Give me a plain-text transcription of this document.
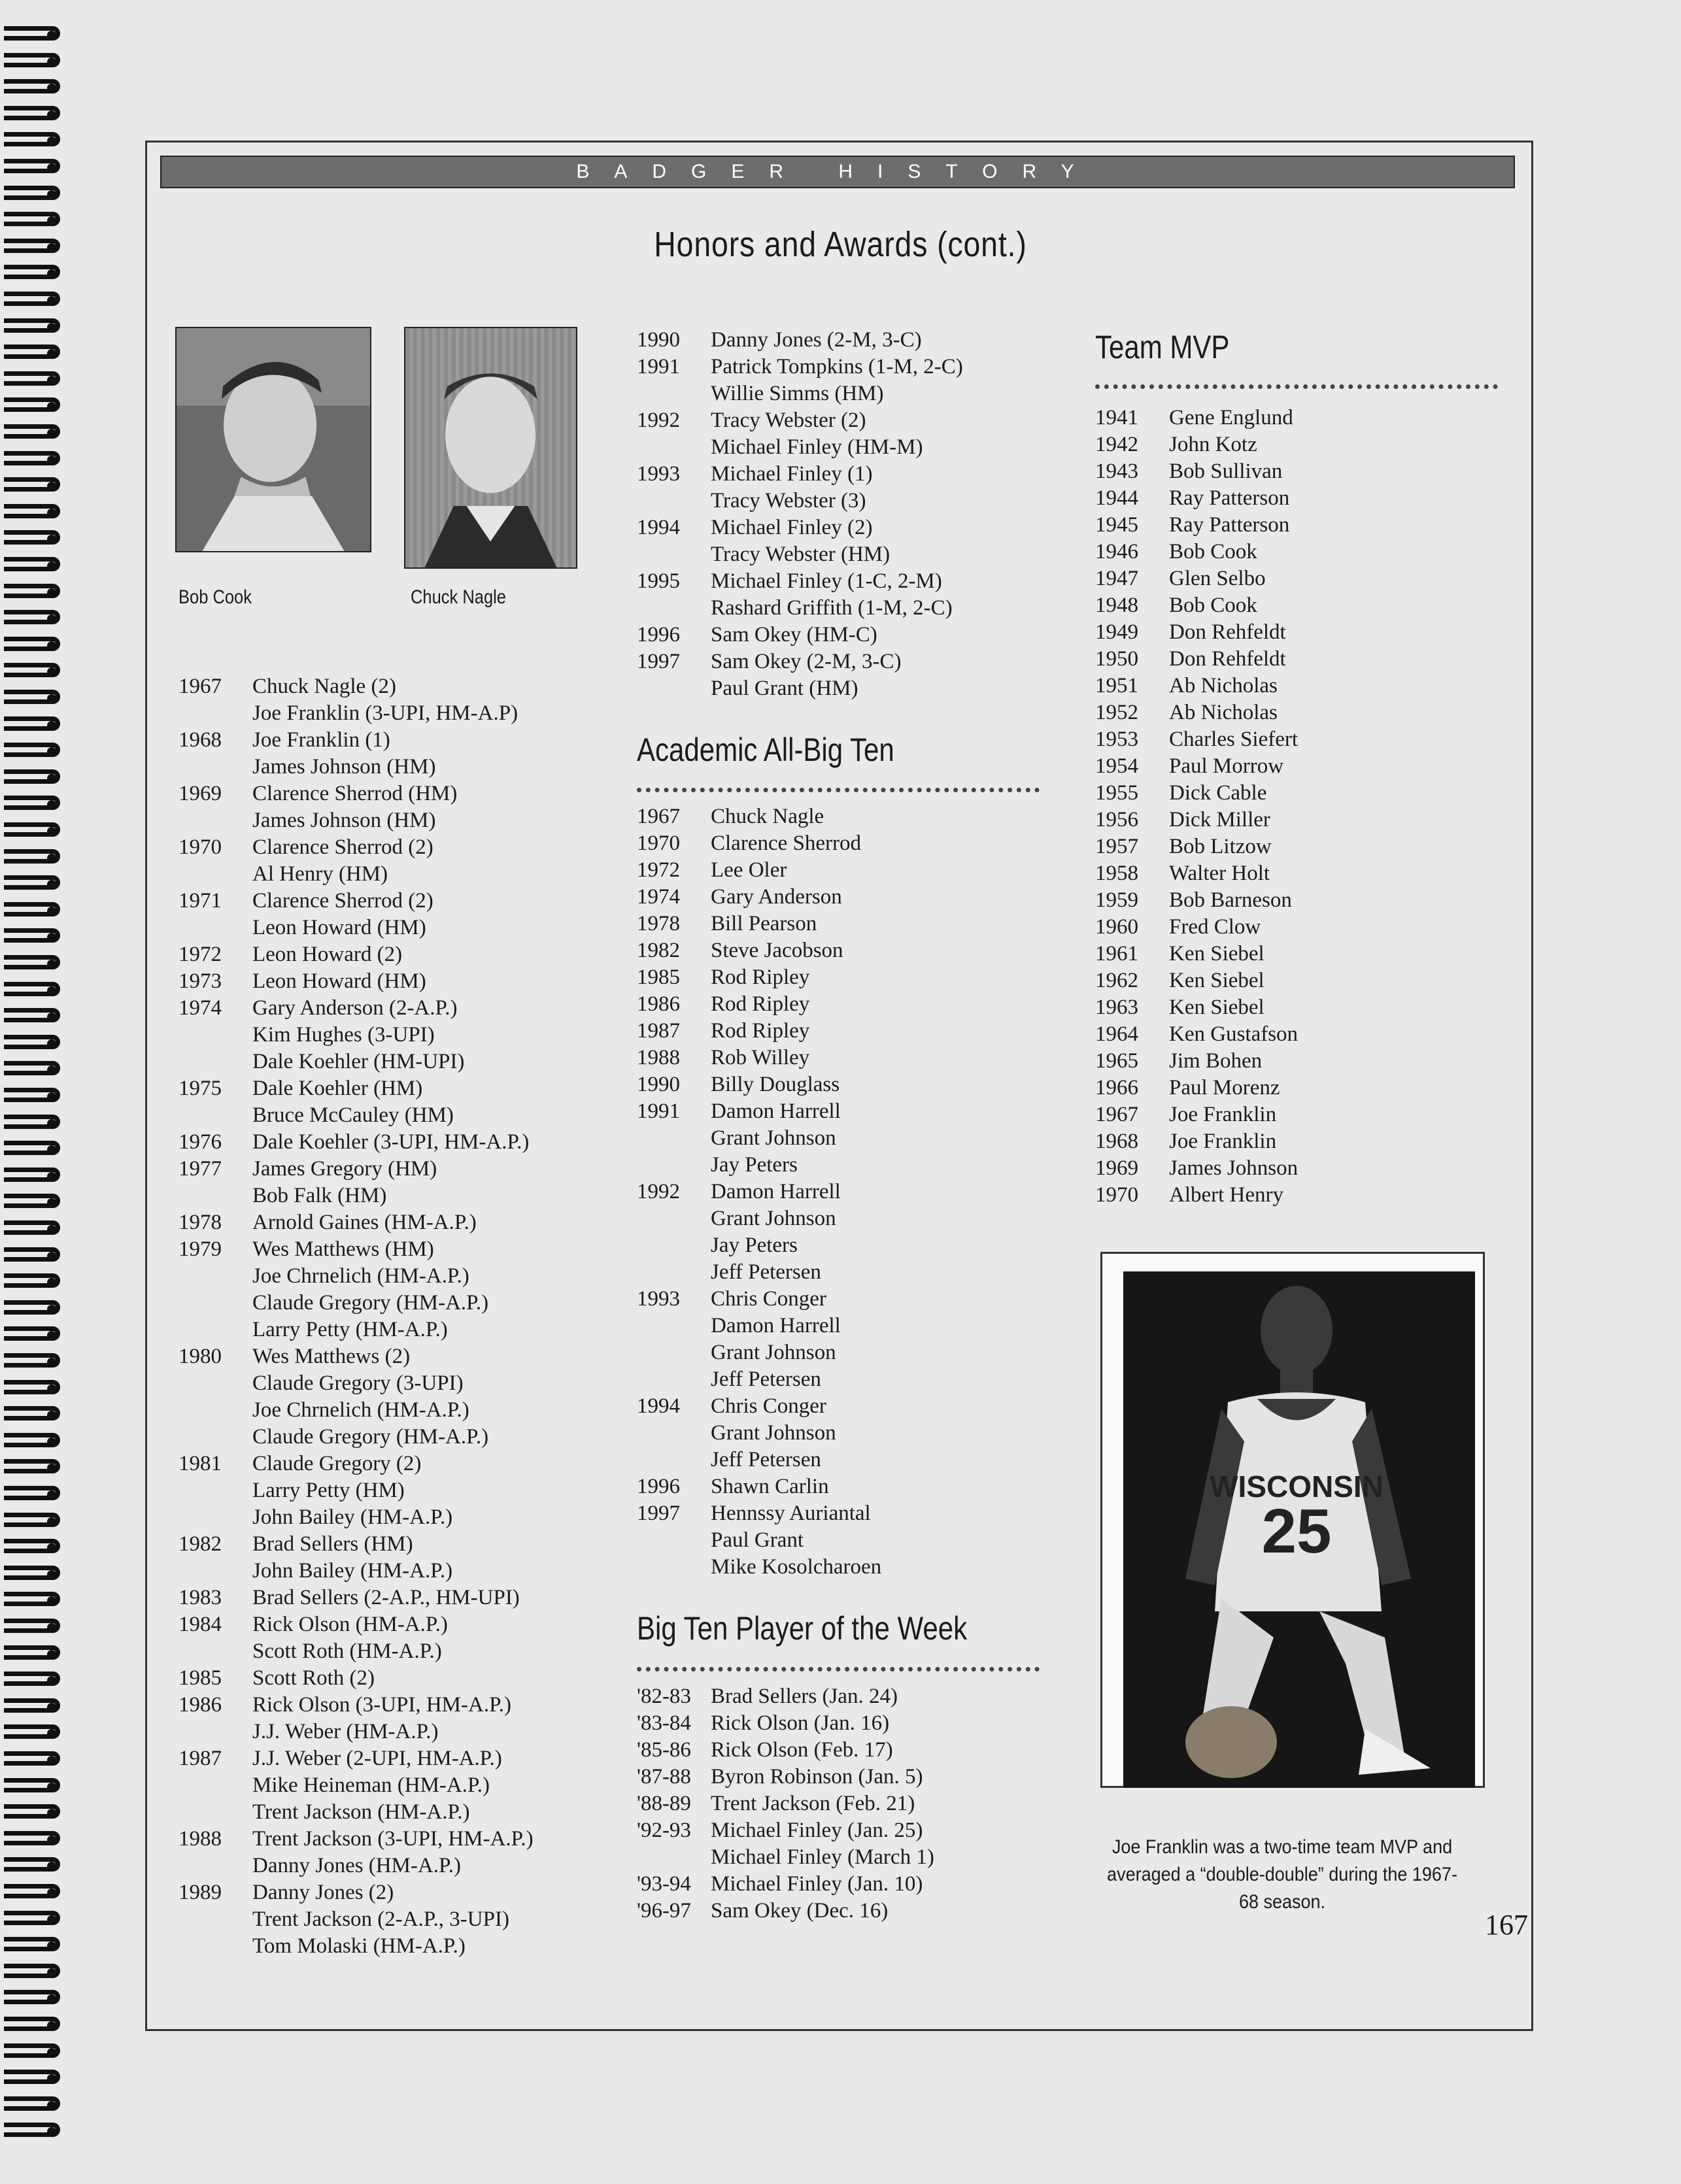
BADGER HISTORY
Honors and Awards (cont.)
Bob Cook	Chuck Nagle
1967	Chuck Nagle (2)
Joe Franklin (3-UPI, HM-A.P)
1968	Joe Franklin (1)
James Johnson (HM)
1969	Clarence Sherrod (HM)
James Johnson (HM)
1970	Clarence Sherrod (2)
Al Henry (HM)
1971	Clarence Sherrod (2)
Leon Howard (HM)
1972	Leon Howard (2)
1973	Leon Howard (HM)
1974	Gary Anderson (2-A.P.)
Kim Hughes (3-UPI)
Dale Koehler (HM-UPI)
1975	Dale Koehler (HM)
Bruce McCauley (HM)
1976	Dale Koehler (3-UPI, HM-A.P.)
1977	James Gregory (HM)
Bob Falk (HM)
1978	Arnold Gaines (HM-A.P.)
1979	Wes Matthews (HM)
Joe Chrnelich (HM-A.P.)
Claude Gregory (HM-A.P.)
Larry Petty (HM-A.P.)
1980	Wes Matthews (2)
Claude Gregory (3-UPI)
Joe Chrnelich (HM-A.P.)
Claude Gregory (HM-A.P.)
1981	Claude Gregory (2)
Larry Petty (HM)
John Bailey (HM-A.P.)
1982	Brad Sellers (HM)
John Bailey (HM-A.P.)
1983	Brad Sellers (2-A.P., HM-UPI)
1984	Rick Olson (HM-A.P.)
Scott Roth (HM-A.P.)
1985	Scott Roth (2)
1986	Rick Olson (3-UPI, HM-A.P.)
J.J. Weber (HM-A.P.)
1987	J.J. Weber (2-UPI, HM-A.P.)
Mike Heineman (HM-A.P.)
Trent Jackson (HM-A.P.)
1988	Trent Jackson (3-UPI, HM-A.P.)
Danny Jones (HM-A.P.)
1989	Danny Jones (2)
Trent Jackson (2-A.P., 3-UPI)
Tom Molaski (HM-A.P.)
1990	Danny Jones (2-M, 3-C)
1991	Patrick Tompkins (1-M, 2-C)
Willie Simms (HM)
1992	Tracy Webster (2)
Michael Finley (HM-M)
1993	Michael Finley (1)
Tracy Webster (3)
1994	Michael Finley (2)
Tracy Webster (HM)
1995	Michael Finley (1-C, 2-M)
Rashard Griffith (1-M, 2-C)
1996	Sam Okey (HM-C)
1997	Sam Okey (2-M, 3-C)
Paul Grant (HM)
Academic All-Big Ten
1967	Chuck Nagle
1970	Clarence Sherrod
1972	Lee Oler
1974	Gary Anderson
1978	Bill Pearson
1982	Steve Jacobson
1985	Rod Ripley
1986	Rod Ripley
1987	Rod Ripley
1988	Rob Willey
1990	Billy Douglass
1991	Damon Harrell
Grant Johnson
Jay Peters
1992	Damon Harrell
Grant Johnson
Jay Peters
Jeff Petersen
1993	Chris Conger
Damon Harrell
Grant Johnson
Jeff Petersen
1994	Chris Conger
Grant Johnson
Jeff Petersen
1996	Shawn Carlin
1997	Hennssy Auriantal
Paul Grant
Mike Kosolcharoen
Big Ten Player of the Week
'82-83 Brad Sellers (Jan. 24)
'83-84 Rick Olson (Jan. 16)
'85-86 Rick Olson (Feb. 17)
'87-88 Byron Robinson (Jan. 5)
'88-89 Trent Jackson (Feb. 21)
'92-93 Michael Finley (Jan. 25)
Michael Finley (March 1)
'93-94 Michael Finley (Jan. 10)
'96-97 Sam Okey (Dec. 16)
Team MVP
1941	Gene Englund
1942	John Kotz
1943	Bob Sullivan
1944	Ray Patterson
1945	Ray Patterson
1946	Bob Cook
1947	Glen Selbo
1948	Bob Cook
1949	Don Rehfeldt
1950	Don Rehfeldt
1951	Ab Nicholas
1952	Ab Nicholas
1953	Charles Siefert
1954	Paul Morrow
1955	Dick Cable
1956	Dick Miller
1957	Bob Litzow
1958	Walter Holt
1959	Bob Barneson
1960	Fred Clow
1961	Ken Siebel
1962	Ken Siebel
1963	Ken Siebel
1964	Ken Gustafson
1965	Jim Bohen
1966	Paul Morenz
1967	Joe Franklin
1968	Joe Franklin
1969	James Johnson
1970	Albert Henry
WISCONSIN
25
Joe Franklin was a two-time team MVP and averaged a “double-double” during the 1967-68 season.
167
